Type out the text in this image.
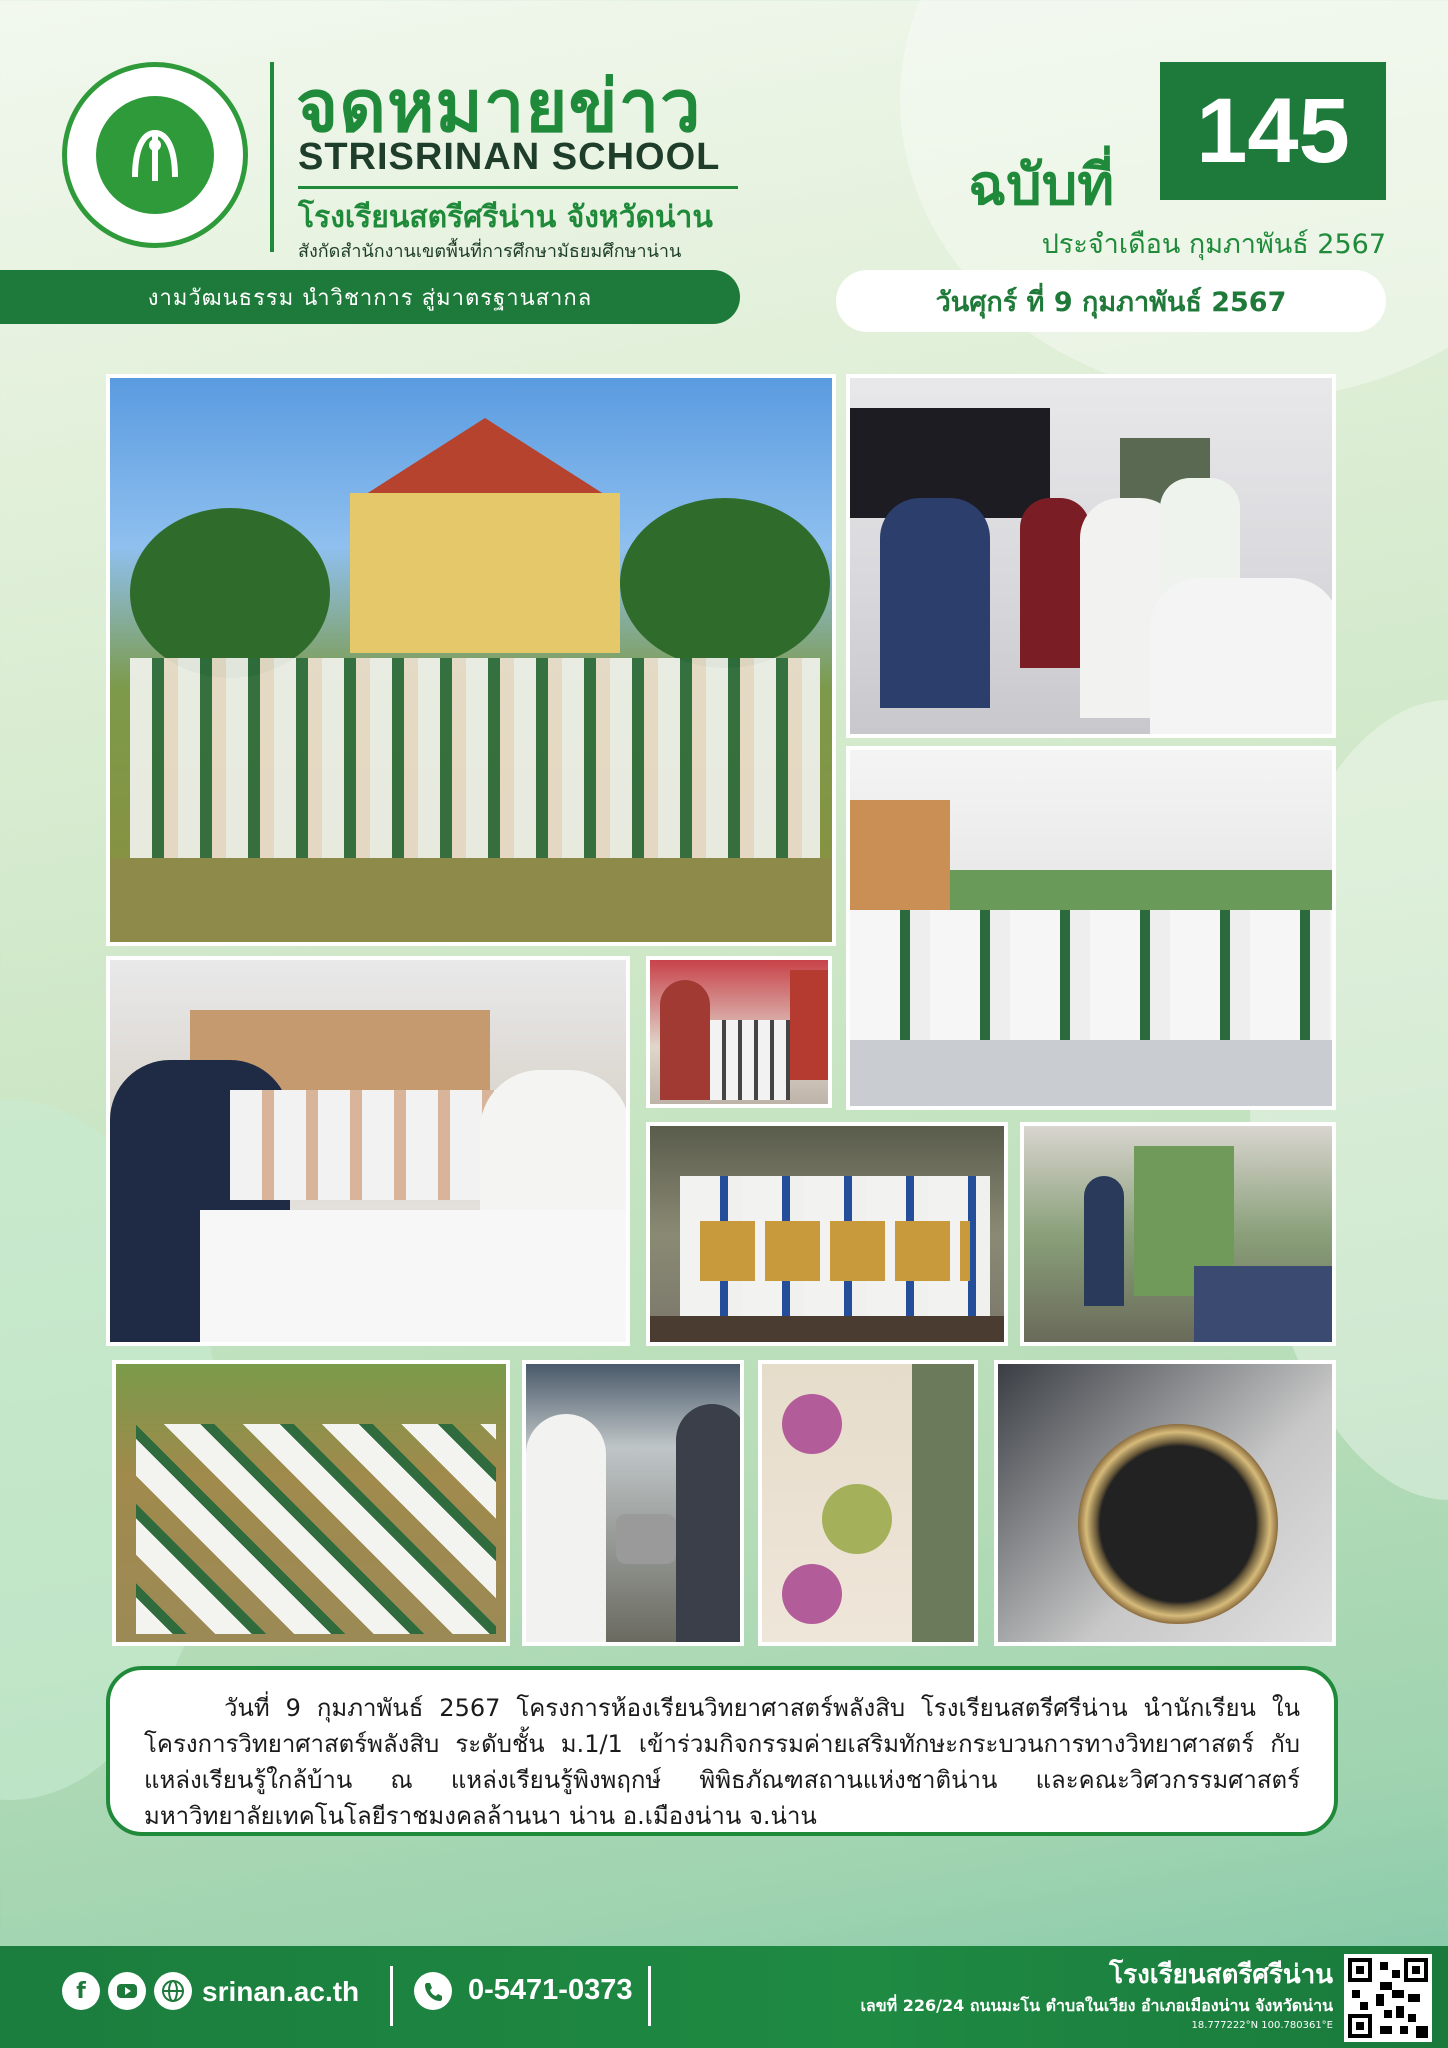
จดหมายข่าว
STRISRINAN SCHOOL
โรงเรียนสตรีศรีน่าน จังหวัดน่าน
สังกัดสำนักงานเขตพื้นที่การศึกษามัธยมศึกษาน่าน
งามวัฒนธรรม นำวิชาการ สู่มาตรฐานสากล
ฉบับที่
145
ประจำเดือน กุมภาพันธ์ 2567
วันศุกร์ ที่ 9 กุมภาพันธ์ 2567

วันที่ 9 กุมภาพันธ์ 2567 โครงการห้องเรียนวิทยาศาสตร์พลังสิบ โรงเรียนสตรีศรีน่าน นำนักเรียน ในโครงการวิทยาศาสตร์พลังสิบ ระดับชั้น ม.1/1 เข้าร่วมกิจกรรมค่ายเสริมทักษะกระบวนการทางวิทยาศาสตร์ กับแหล่งเรียนรู้ใกล้บ้าน ณ แหล่งเรียนรู้พิงพฤกษ์ พิพิธภัณฑสถานแห่งชาติน่าน และคณะวิศวกรรมศาสตร์ มหาวิทยาลัยเทคโนโลยีราชมงคลล้านนา น่าน อ.เมืองน่าน จ.น่าน

f	srinan.ac.th	0-5471-0373	โรงเรียนสตรีศรีน่าน
เลขที่ 226/24 ถนนมะโน ตำบลในเวียง อำเภอเมืองน่าน จังหวัดน่าน
18.777222°N 100.780361°E
